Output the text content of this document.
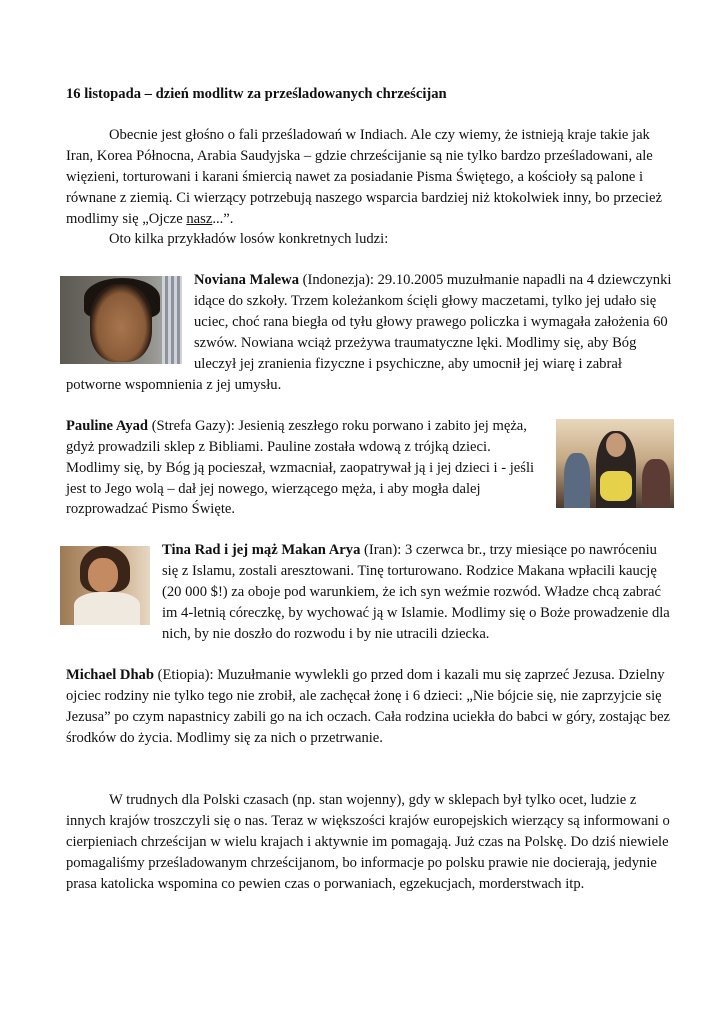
16 listopada – dzień modlitw za prześladowanych chrześcijan

Obecnie jest głośno o fali prześladowań w Indiach. Ale czy wiemy, że istnieją kraje takie jak Iran, Korea Północna, Arabia Saudyjska – gdzie chrześcijanie są nie tylko bardzo prześladowani, ale więzieni, torturowani i karani śmiercią nawet za posiadanie Pisma Świętego, a kościoły są palone i równane z ziemią. Ci wierzący potrzebują naszego wsparcia bardziej niż ktokolwiek inny, bo przecież modlimy się „Ojcze nasz...”.

Oto kilka przykładów losów konkretnych ludzi:

Noviana Malewa (Indonezja): 29.10.2005 muzułmanie napadli na 4 dziewczynki idące do szkoły. Trzem koleżankom ścięli głowy maczetami, tylko jej udało się uciec, choć rana biegła od tyłu głowy prawego policzka i wymagała założenia 60 szwów. Nowiana wciąż przeżywa traumatyczne lęki. Modlimy się, aby Bóg uleczył jej zranienia fizyczne i psychiczne, aby umocnił jej wiarę i zabrał potworne wspomnienia z jej umysłu.

Pauline Ayad (Strefa Gazy): Jesienią zeszłego roku porwano i zabito jej męża, gdyż prowadzili sklep z Bibliami. Pauline została wdową z trójką dzieci. Modlimy się, by Bóg ją pocieszał, wzmacniał, zaopatrywał ją i jej dzieci i - jeśli jest to Jego wolą – dał jej nowego, wierzącego męża, i aby mogła dalej rozprowadzać Pismo Święte.

Tina Rad i jej mąż Makan Arya (Iran): 3 czerwca br., trzy miesiące po nawróceniu się z Islamu, zostali aresztowani. Tinę torturowano. Rodzice Makana wpłacili kaucję (20 000 $!) za oboje pod warunkiem, że ich syn weźmie rozwód. Władze chcą zabrać im 4-letnią córeczkę, by wychować ją w Islamie. Modlimy się o Boże prowadzenie dla nich, by nie doszło do rozwodu i by nie utracili dziecka.

Michael Dhab (Etiopia): Muzułmanie wywlekli go przed dom i kazali mu się zaprzeć Jezusa. Dzielny ojciec rodziny nie tylko tego nie zrobił, ale zachęcał żonę i 6 dzieci: „Nie bójcie się, nie zaprzyjcie się Jezusa” po czym napastnicy zabili go na ich oczach. Cała rodzina uciekła do babci w góry, zostając bez środków do życia. Modlimy się za nich o przetrwanie.

W trudnych dla Polski czasach (np. stan wojenny), gdy w sklepach był tylko ocet, ludzie z innych krajów troszczyli się o nas. Teraz w większości krajów europejskich wierzący są informowani o cierpieniach chrześcijan w wielu krajach i aktywnie im pomagają. Już czas na Polskę. Do dziś niewiele pomagaliśmy prześladowanym chrześcijanom, bo informacje po polsku prawie nie docierają, jedynie prasa katolicka wspomina co pewien czas o porwaniach, egzekucjach, morderstwach itp.
